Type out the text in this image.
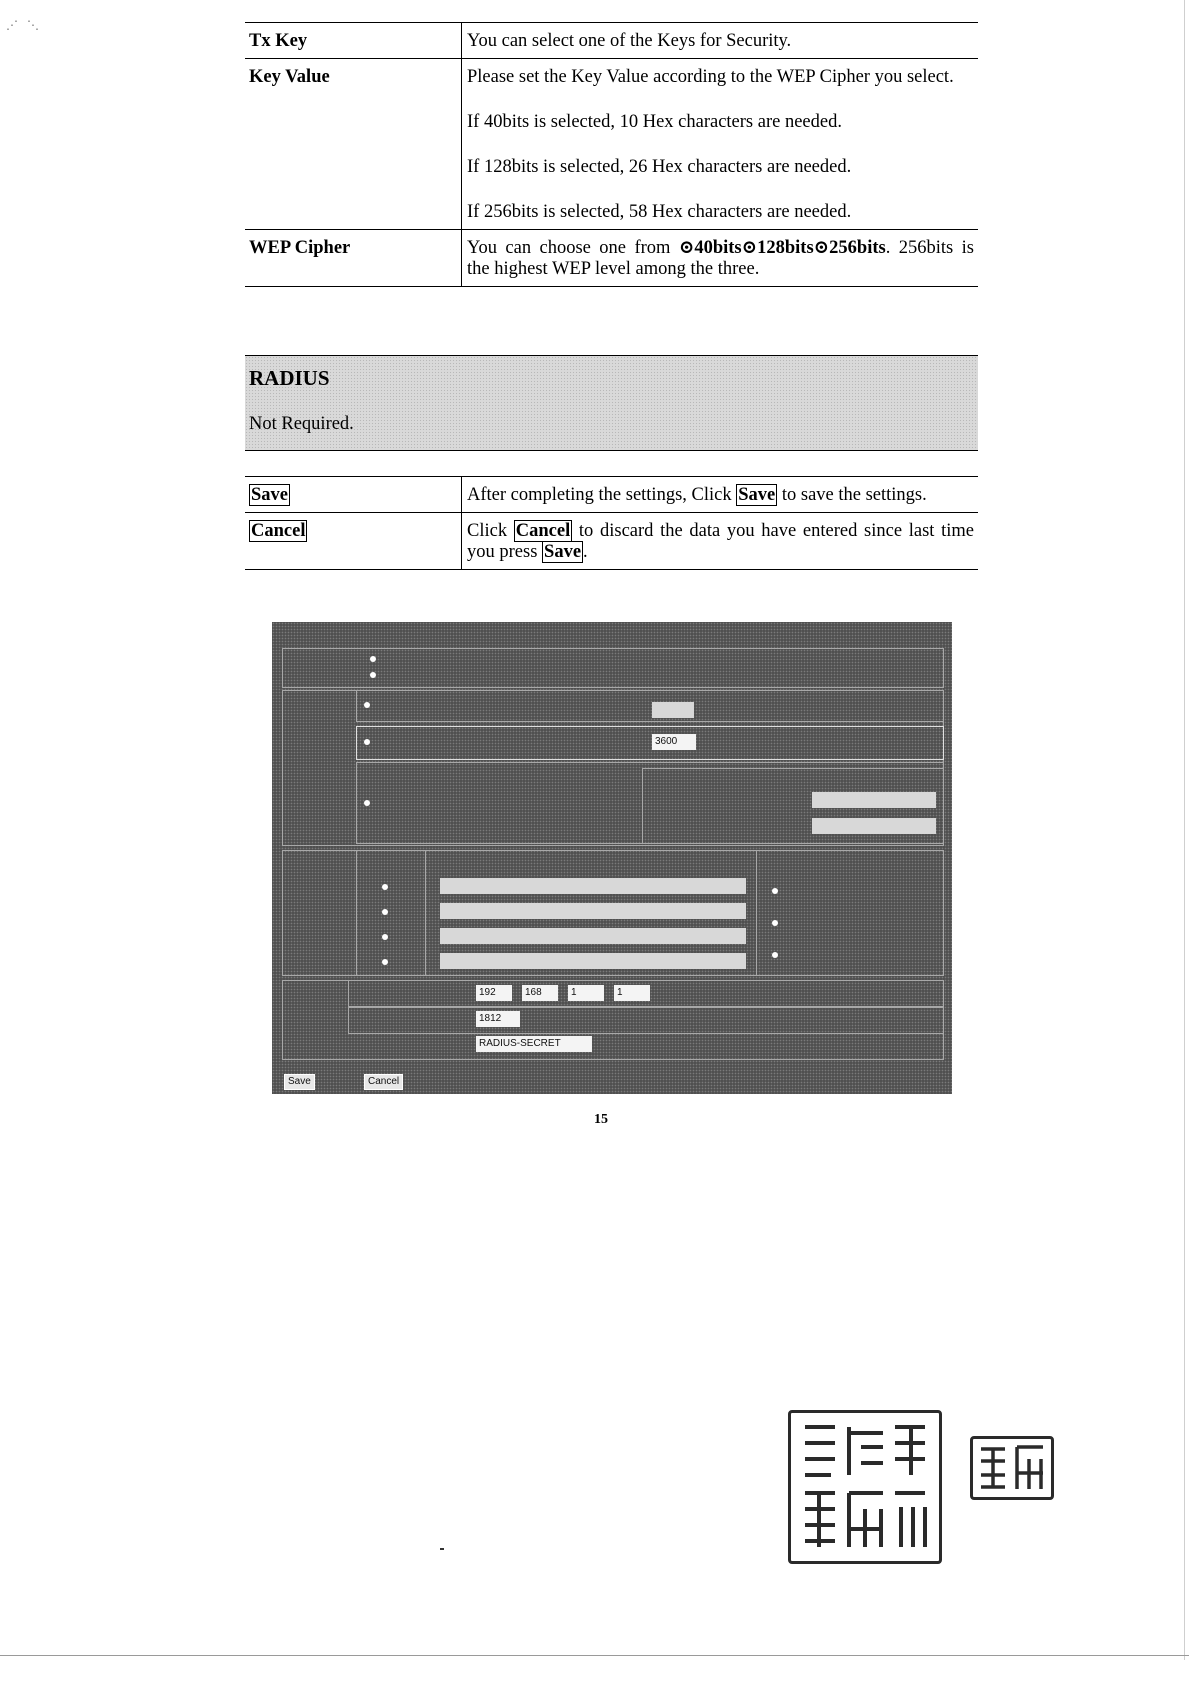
⋰ ⋱
Tx Key	You can select one of the Keys for Security.

Key Value	Please set the Key Value according to the WEP Cipher you select.

If 40bits is selected, 10 Hex characters are needed.

If 128bits is selected, 26 Hex characters are needed.

If 256bits is selected, 58 Hex characters are needed.

WEP Cipher	You can choose one from ⊙40bits⊙128bits⊙256bits. 256bits is the highest WEP level among the three.

RADIUS
Not Required.
Save	After completing the settings, Click Save to save the settings.

Cancel	Click Cancel to discard the data you have entered since last time you press Save .

3600
192	168	1	1
1812
RADIUS-SECRET
Save	Cancel
15
